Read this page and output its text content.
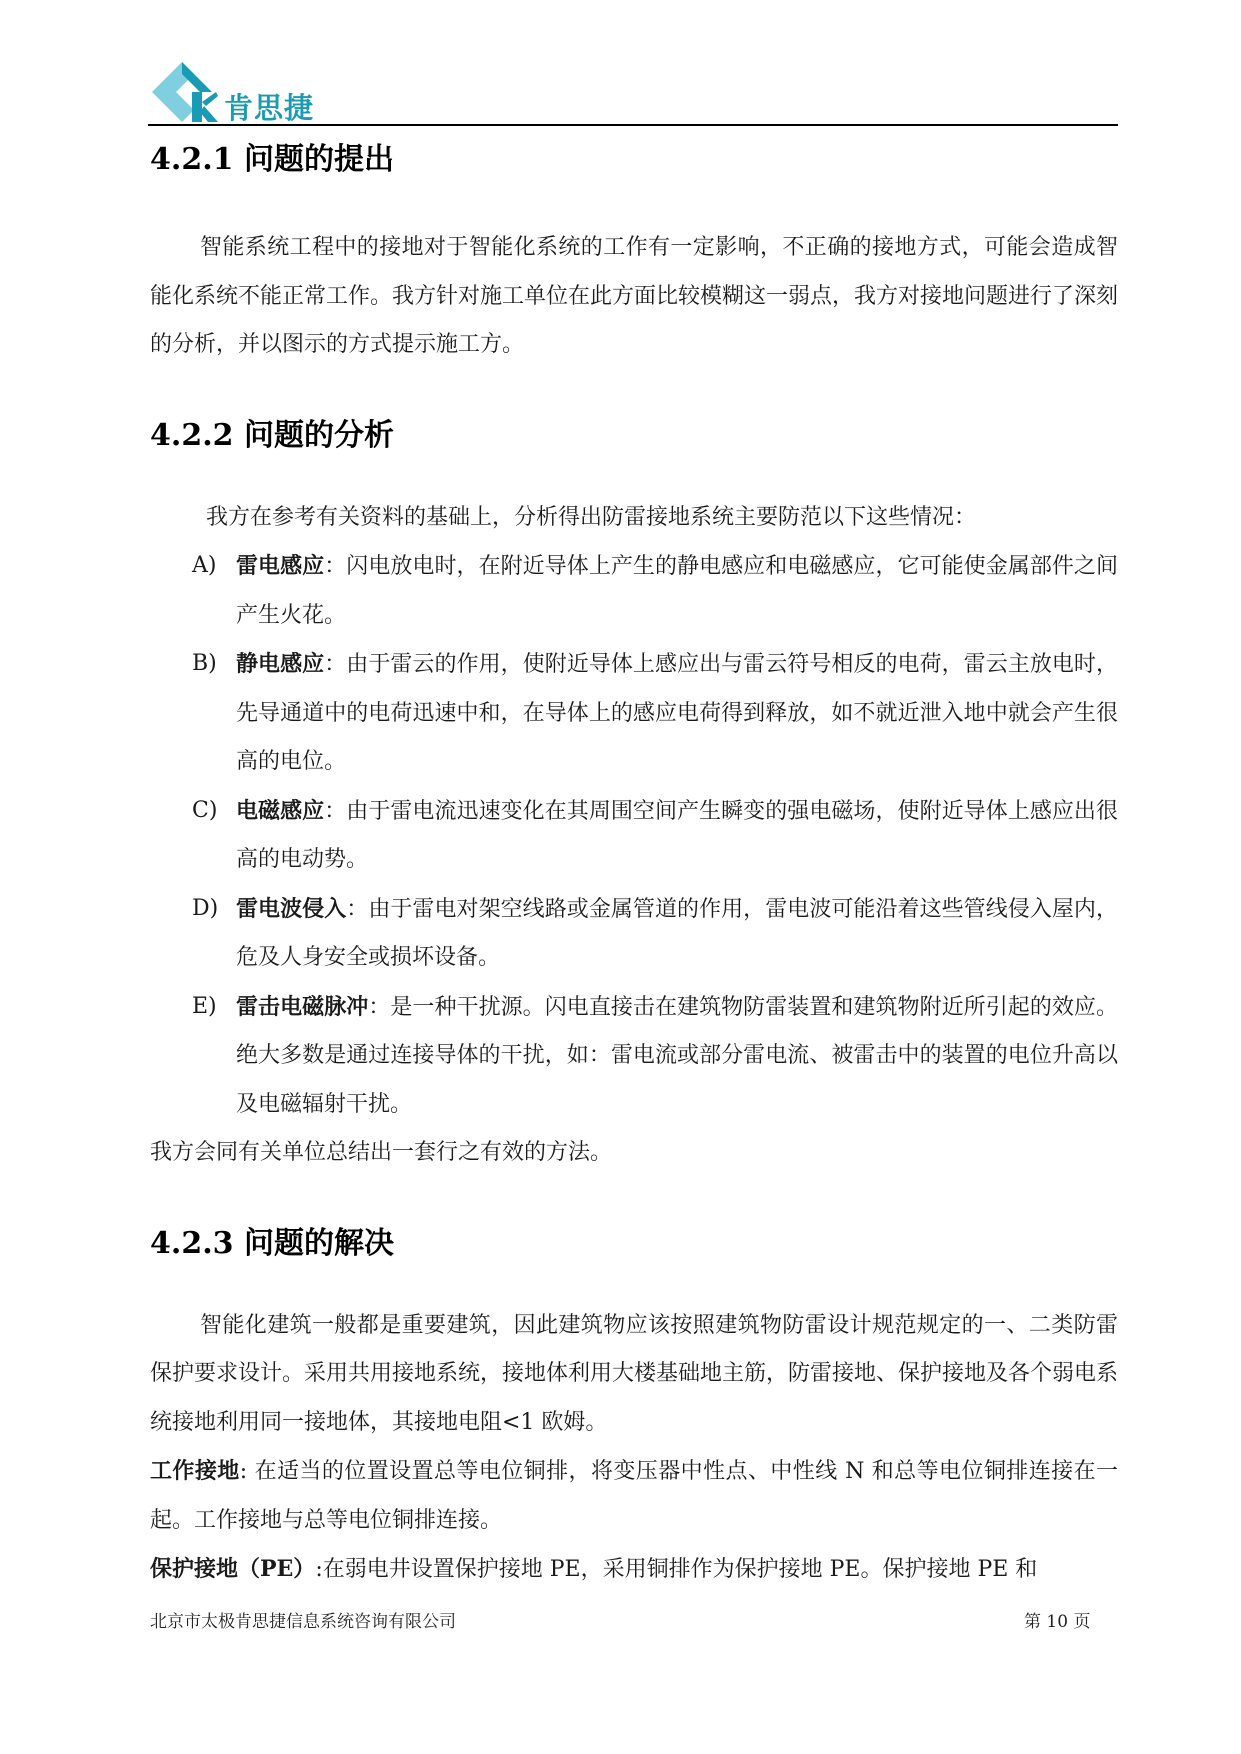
肯思捷
4.2.1 问题的提出

智能系统工程中的接地对于智能化系统的工作有一定影响，不正确的接地方式，可能会造成智能化系统不能正常工作。我方针对施工单位在此方面比较模糊这一弱点，我方对接地问题进行了深刻的分析，并以图示的方式提示施工方。

4.2.2 问题的分析

我方在参考有关资料的基础上，分析得出防雷接地系统主要防范以下这些情况：

A) 雷电感应：闪电放电时，在附近导体上产生的静电感应和电磁感应，它可能使金属部件之间产生火花。
B) 静电感应：由于雷云的作用，使附近导体上感应出与雷云符号相反的电荷，雷云主放电时，先导通道中的电荷迅速中和，在导体上的感应电荷得到释放，如不就近泄入地中就会产生很高的电位。
C) 电磁感应：由于雷电流迅速变化在其周围空间产生瞬变的强电磁场，使附近导体上感应出很高的电动势。
D) 雷电波侵入：由于雷电对架空线路或金属管道的作用，雷电波可能沿着这些管线侵入屋内，危及人身安全或损坏设备。
E) 雷击电磁脉冲：是一种干扰源。闪电直接击在建筑物防雷装置和建筑物附近所引起的效应。绝大多数是通过连接导体的干扰，如：雷电流或部分雷电流、被雷击中的装置的电位升高以及电磁辐射干扰。

我方会同有关单位总结出一套行之有效的方法。

4.2.3 问题的解决

智能化建筑一般都是重要建筑，因此建筑物应该按照建筑物防雷设计规范规定的一、二类防雷保护要求设计。采用共用接地系统，接地体利用大楼基础地主筋，防雷接地、保护接地及各个弱电系统接地利用同一接地体，其接地电阻<1 欧姆。

工作接地: 在适当的位置设置总等电位铜排，将变压器中性点、中性线 N 和总等电位铜排连接在一起。工作接地与总等电位铜排连接。

保护接地（PE）:在弱电井设置保护接地 PE，采用铜排作为保护接地 PE。保护接地 PE 和

北京市太极肯思捷信息系统咨询有限公司	第 10 页
